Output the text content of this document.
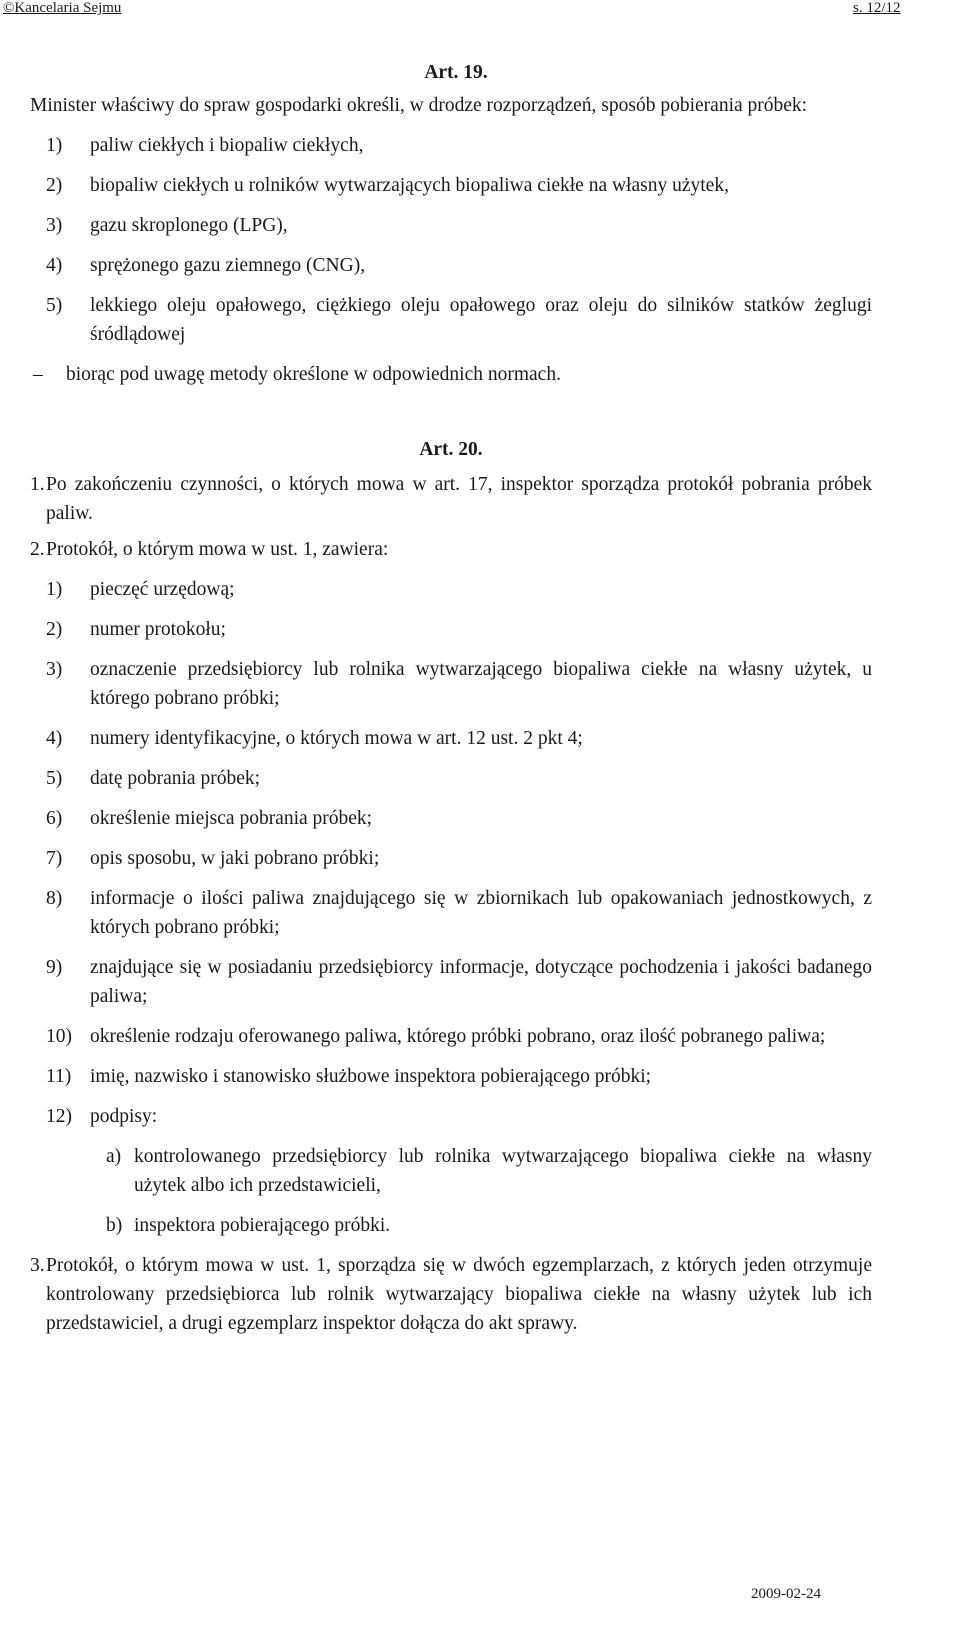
©Kancelaria Sejmu	s. 12/12

Art. 19.

Minister właściwy do spraw gospodarki określi, w drodze rozporządzeń, sposób pobierania próbek:

1) paliw ciekłych i biopaliw ciekłych,

2) biopaliw ciekłych u rolników wytwarzających biopaliwa ciekłe na własny użytek,

3) gazu skroplonego (LPG),

4) sprężonego gazu ziemnego (CNG),

5) lekkiego oleju opałowego, ciężkiego oleju opałowego oraz oleju do silników statków żeglugi śródlądowej

– biorąc pod uwagę metody określone w odpowiednich normach.

Art. 20.

1. Po zakończeniu czynności, o których mowa w art. 17, inspektor sporządza protokół pobrania próbek paliw.

2. Protokół, o którym mowa w ust. 1, zawiera:

1) pieczęć urzędową;

2) numer protokołu;

3) oznaczenie przedsiębiorcy lub rolnika wytwarzającego biopaliwa ciekłe na własny użytek, u którego pobrano próbki;

4) numery identyfikacyjne, o których mowa w art. 12 ust. 2 pkt 4;

5) datę pobrania próbek;

6) określenie miejsca pobrania próbek;

7) opis sposobu, w jaki pobrano próbki;

8) informacje o ilości paliwa znajdującego się w zbiornikach lub opakowaniach jednostkowych, z których pobrano próbki;

9) znajdujące się w posiadaniu przedsiębiorcy informacje, dotyczące pochodzenia i jakości badanego paliwa;

10) określenie rodzaju oferowanego paliwa, którego próbki pobrano, oraz ilość pobranego paliwa;

11) imię, nazwisko i stanowisko służbowe inspektora pobierającego próbki;

12) podpisy:

a) kontrolowanego przedsiębiorcy lub rolnika wytwarzającego biopaliwa ciekłe na własny użytek albo ich przedstawicieli,

b) inspektora pobierającego próbki.

3. Protokół, o którym mowa w ust. 1, sporządza się w dwóch egzemplarzach, z których jeden otrzymuje kontrolowany przedsiębiorca lub rolnik wytwarzający biopaliwa ciekłe na własny użytek lub ich przedstawiciel, a drugi egzemplarz inspektor dołącza do akt sprawy.

2009-02-24
